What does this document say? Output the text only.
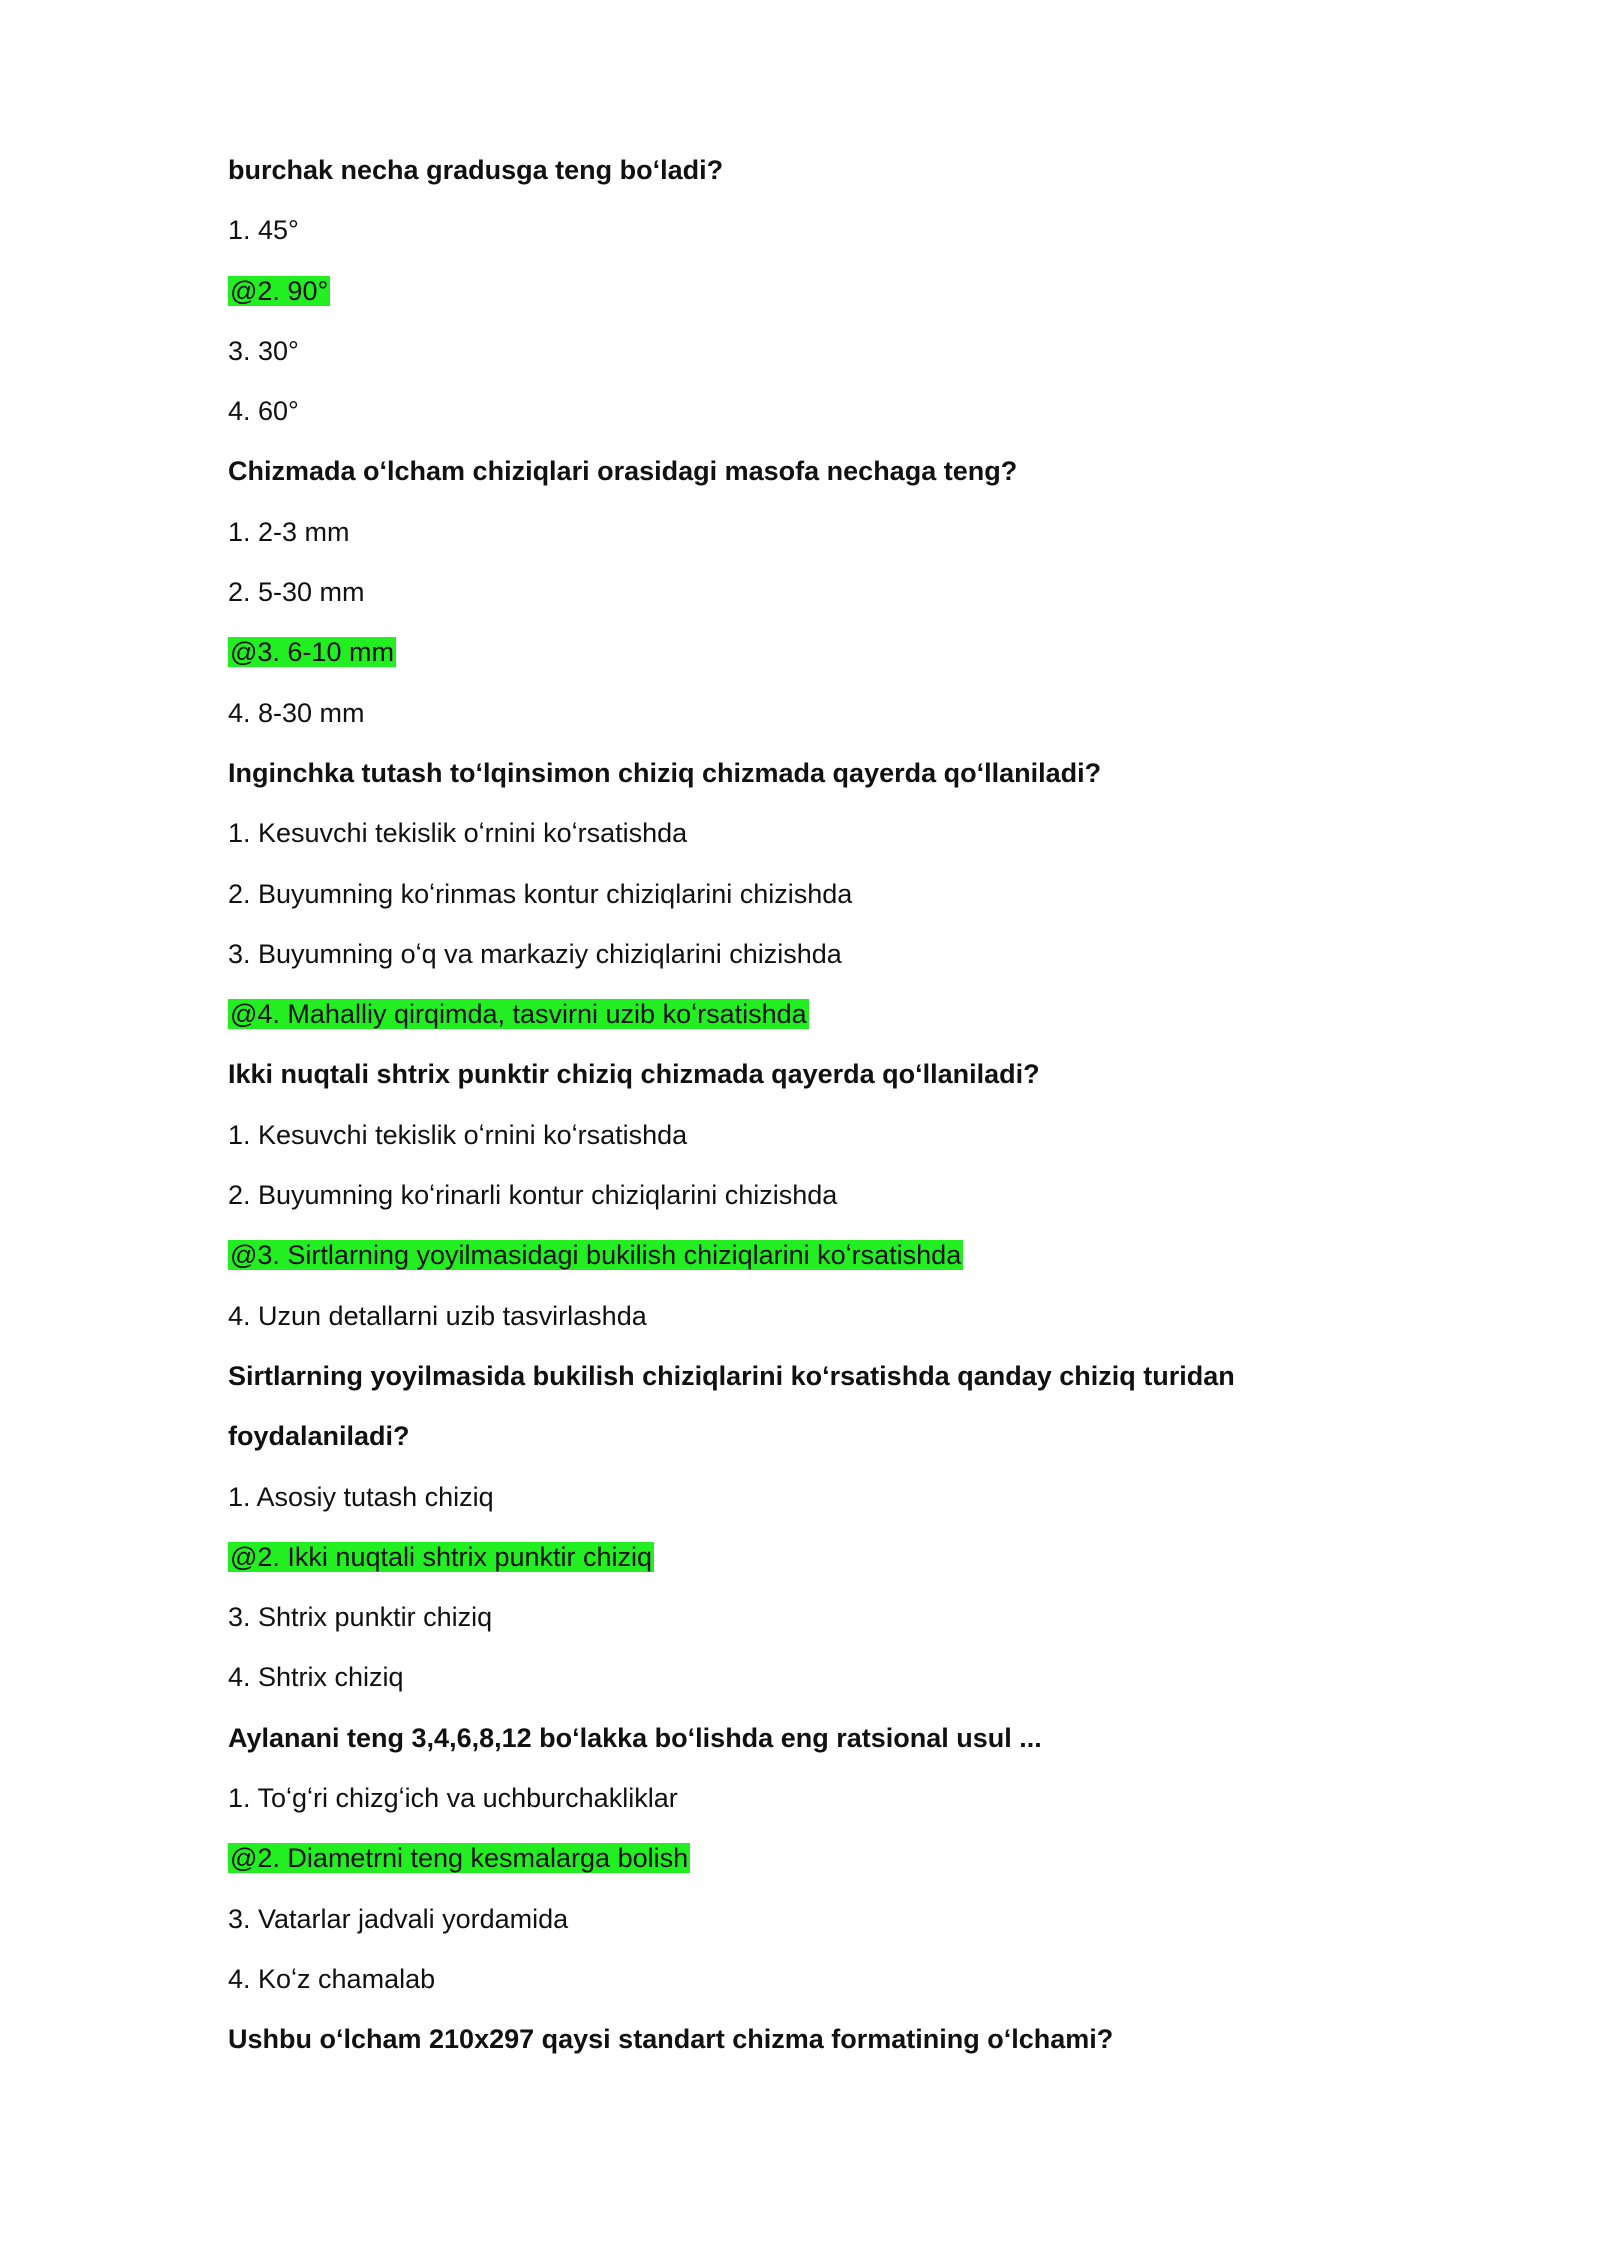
burchak necha gradusga teng boʻladi?
1. 45°
@2. 90°
3. 30°
4. 60°
Chizmada oʻlcham chiziqlari orasidagi masofa nechaga teng?
1. 2-3 mm
2. 5-30 mm
@3. 6-10 mm
4. 8-30 mm
Inginchka tutash toʻlqinsimon chiziq chizmada qayerda qoʻllaniladi?
1. Kesuvchi tekislik oʻrnini koʻrsatishda
2. Buyumning koʻrinmas kontur chiziqlarini chizishda
3. Buyumning oʻq va markaziy chiziqlarini chizishda
@4. Mahalliy qirqimda, tasvirni uzib koʻrsatishda
Ikki nuqtali shtrix punktir chiziq chizmada qayerda qoʻllaniladi?
1. Kesuvchi tekislik oʻrnini koʻrsatishda
2. Buyumning koʻrinarli kontur chiziqlarini chizishda
@3. Sirtlarning yoyilmasidagi bukilish chiziqlarini koʻrsatishda
4. Uzun detallarni uzib tasvirlashda
Sirtlarning yoyilmasida bukilish chiziqlarini koʻrsatishda qanday chiziq turidan foydalaniladi?
1. Asosiy tutash chiziq
@2. Ikki nuqtali shtrix punktir chiziq
3. Shtrix punktir chiziq
4. Shtrix chiziq
Aylanani teng 3,4,6,8,12 boʻlakka boʻlishda eng ratsional usul ...
1. Toʻgʻri chizgʻich va uchburchakliklar
@2. Diametrni teng kesmalarga bolish
3. Vatarlar jadvali yordamida
4. Koʻz chamalab
Ushbu oʻlcham 210x297 qaysi standart chizma formatining oʻlchami?
